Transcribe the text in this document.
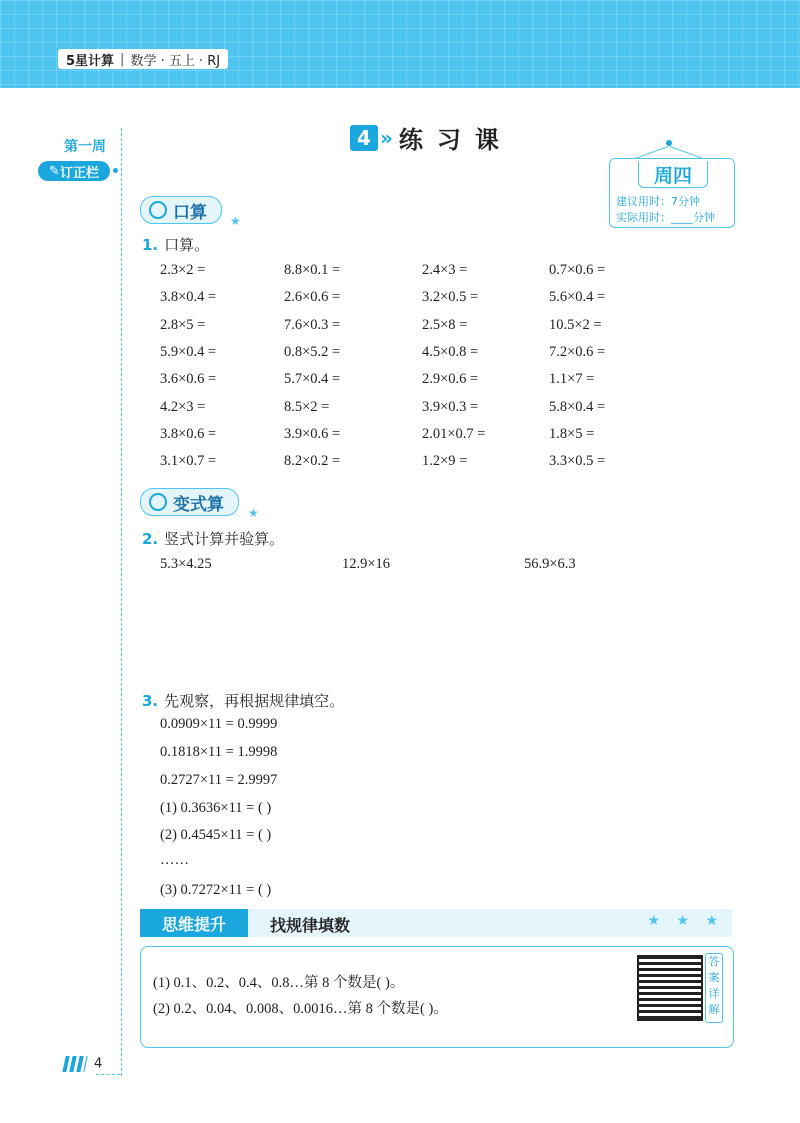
5星计算 | 数学 · 五上 · RJ
第一周
✎ 订正栏
4 » 练习课
周四
建议用时：7分钟
实际用时：____分钟
口算 ★
1. 口算。
2.3×2 =	8.8×0.1 =	2.4×3 =	0.7×0.6 =
3.8×0.4 =	2.6×0.6 =	3.2×0.5 =	5.6×0.4 =
2.8×5 =	7.6×0.3 =	2.5×8 =	10.5×2 =
5.9×0.4 =	0.8×5.2 =	4.5×0.8 =	7.2×0.6 =
3.6×0.6 =	5.7×0.4 =	2.9×0.6 =	1.1×7 =
4.2×3 =	8.5×2 =	3.9×0.3 =	5.8×0.4 =
3.8×0.6 =	3.9×0.6 =	2.01×0.7 =	1.8×5 =
3.1×0.7 =	8.2×0.2 =	1.2×9 =	3.3×0.5 =
变式算 ★
2. 竖式计算并验算。
5.3×4.25	12.9×16	56.9×6.3
3. 先观察，再根据规律填空。
0.0909×11 = 0.9999
0.1818×11 = 1.9998
0.2727×11 = 2.9997
(1) 0.3636×11 = ( )
(2) 0.4545×11 = ( )
……
(3) 0.7272×11 = ( )
思维提升	找规律填数	★ ★ ★
(1) 0.1、0.2、0.4、0.8…第 8 个数是( )。
(2) 0.2、0.04、0.008、0.0016…第 8 个数是( )。
答案详解
4
